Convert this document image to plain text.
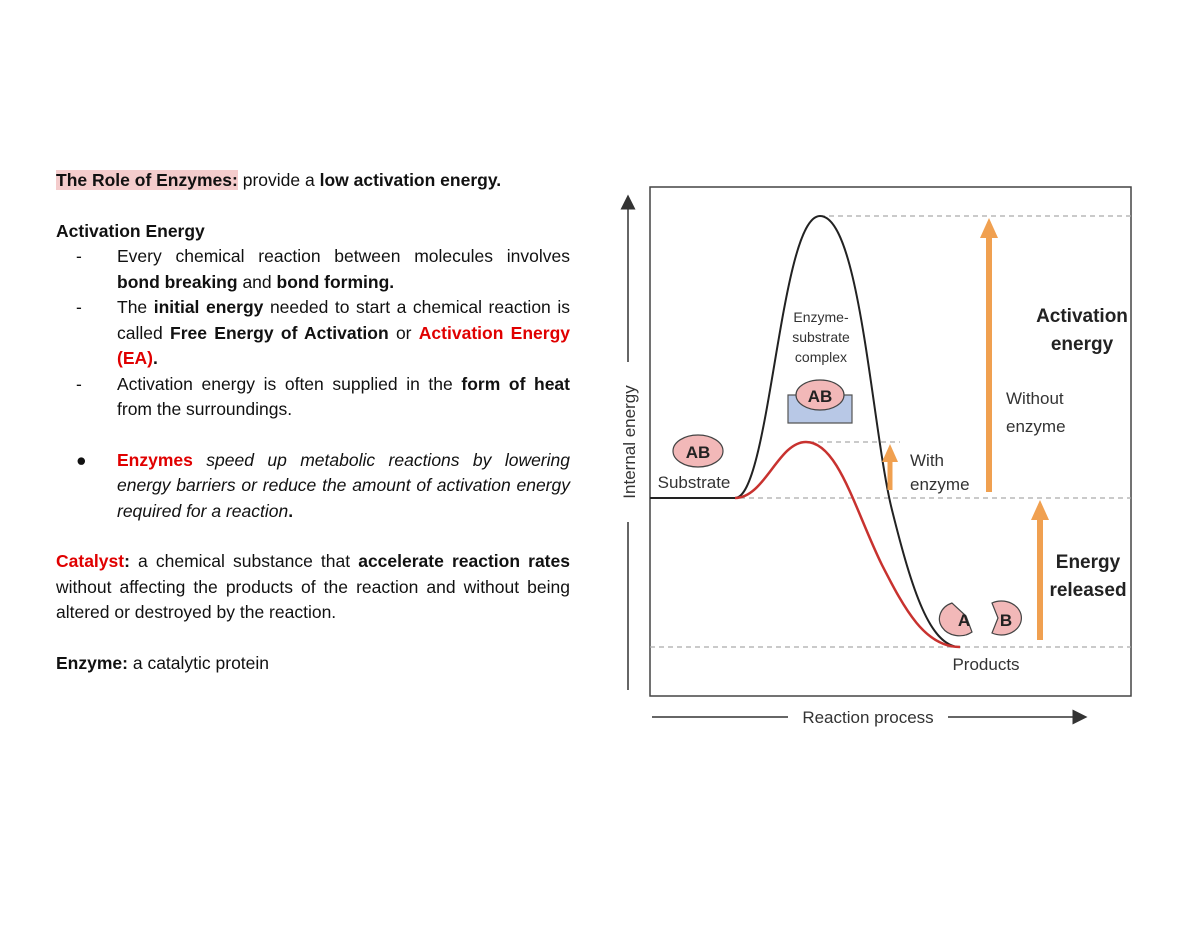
The Role of Enzymes: provide a low activation energy.

Activation Energy

-	Every chemical reaction between molecules involves bond breaking and bond forming.
-	The initial energy needed to start a chemical reaction is called Free Energy of Activation or Activation Energy (EA).
-	Activation energy is often supplied in the form of heat from the surroundings.
●	Enzymes speed up metabolic reactions by lowering energy barriers or reduce the amount of activation energy required for a reaction.

Catalyst: a chemical substance that accelerate reaction rates without affecting the products of the reaction and without being altered or destroyed by the reaction.

Enzyme: a catalytic protein

Internal energy
Reaction process
Enzyme-
substrate
complex
AB
AB
Substrate
With
enzyme
Without
enzyme
Activation
energy
Energy
released
A B
Products
